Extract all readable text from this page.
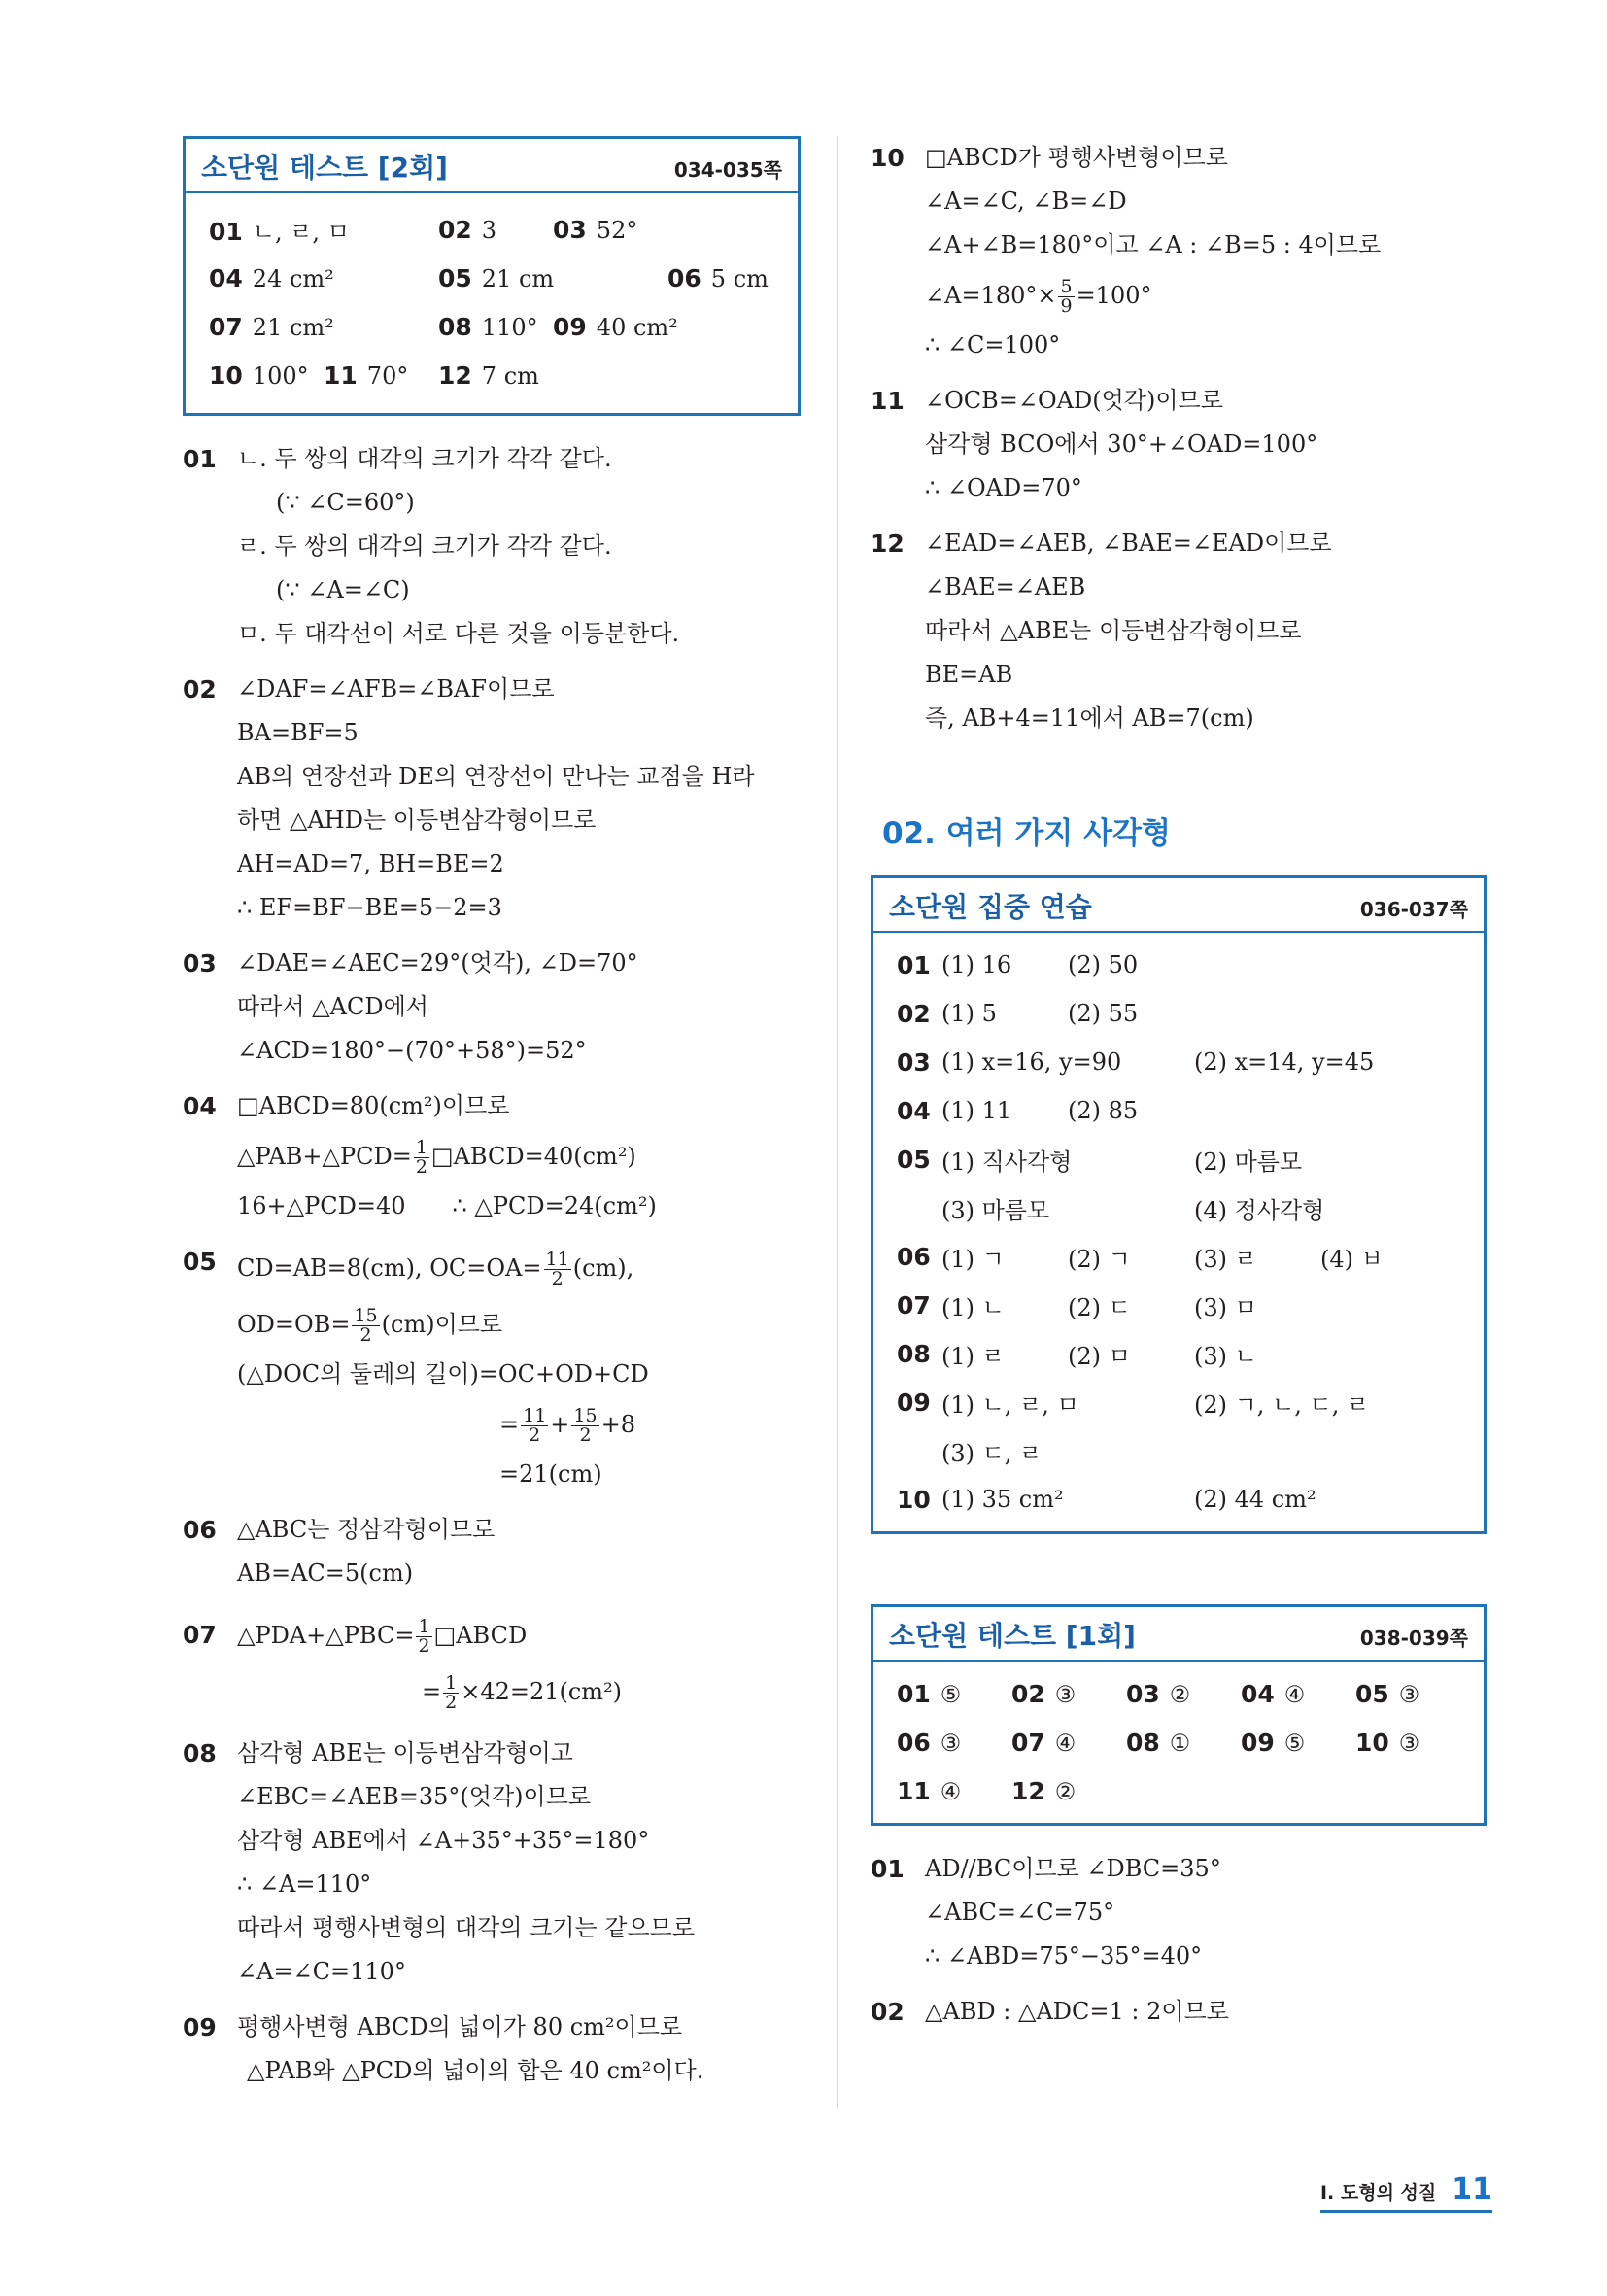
소단원 테스트 [2회]	034-035쪽
01 ㄴ, ㄹ, ㅁ	02 3 03 52°
04 24 cm²	05 21 cm	06 5 cm
07 21 cm²	08 110° 09 40 cm²
10 100° 11 70° 12 7 cm
01 ㄴ. 두 쌍의 대각의 크기가 각각 같다.
(∵ ∠C=60°)
ㄹ. 두 쌍의 대각의 크기가 각각 같다.
(∵ ∠A=∠C)
ㅁ. 두 대각선이 서로 다른 것을 이등분한다.
02 ∠DAF=∠AFB=∠BAF이므로
BA=BF=5
AB의 연장선과 DE의 연장선이 만나는 교점을 H라
하면 △AHD는 이등변삼각형이므로
AH=AD=7, BH=BE=2
∴ EF=BF−BE=5−2=3
03 ∠DAE=∠AEC=29°(엇각), ∠D=70°
따라서 △ACD에서
∠ACD=180°−(70°+58°)=52°
04 □ABCD=80(cm²)이므로
△PAB+△PCD= $\frac{1}{2}$ □ABCD=40(cm²)
16+△PCD=40 ∴ △PCD=24(cm²)
05 CD=AB=8(cm), $OC=OA= \frac{11}{2} (cm)$,
$OD=OB= \frac{15}{2} (cm)$이므로
(△DOC의 둘레의 길이)=OC+OD+CD
= $\frac{11}{2} + \frac{15}{2} +8$
=21(cm)
06 △ABC는 정삼각형이므로
AB=AC=5(cm)
07 △PDA+△PBC= $\frac{1}{2}$ □ABCD
= $\frac{1}{2} \times 42=21(cm^2)$
08 삼각형 ABE는 이등변삼각형이고
∠EBC=∠AEB=35°(엇각)이므로
삼각형 ABE에서 ∠A+35°+35°=180°
∴ ∠A=110°
따라서 평행사변형의 대각의 크기는 같으므로
∠A=∠C=110°
09 평행사변형 ABCD의 넓이가 80 cm²이므로
△PAB와 △PCD의 넓이의 합은 40 cm²이다.
10 □ABCD가 평행사변형이므로
∠A=∠C, ∠B=∠D
∠A+∠B=180°이고 ∠A : ∠B=5 : 4이므로
∠A=180°× $\frac{5}{9} =100^\circ$
∴ ∠C=100°
11 ∠OCB=∠OAD(엇각)이므로
삼각형 BCO에서 30°+∠OAD=100°
∴ ∠OAD=70°
12 ∠EAD=∠AEB, ∠BAE=∠EAD이므로
∠BAE=∠AEB
따라서 △ABE는 이등변삼각형이므로
BE=AB
즉, AB+4=11에서 AB=7(cm)
02. 여러 가지 사각형
소단원 집중 연습	036-037쪽
01 (1) 16	(2) 50
02 (1) 5	(2) 55
03 (1) x=16, y=90	(2) x=14, y=45
04 (1) 11	(2) 85
05 (1) 직사각형	(2) 마름모
(3) 마름모	(4) 정사각형
06 (1) ㄱ	(2) ㄱ	(3) ㄹ	(4) ㅂ
07 (1) ㄴ	(2) ㄷ	(3) ㅁ
08 (1) ㄹ	(2) ㅁ	(3) ㄴ
09 (1) ㄴ, ㄹ, ㅁ	(2) ㄱ, ㄴ, ㄷ, ㄹ
(3) ㄷ, ㄹ
10 (1) 35 cm²	(2) 44 cm²
소단원 테스트 [1회]	038-039쪽
01 ⑤ 02 ③ 03 ② 04 ④ 05 ③
06 ③ 07 ④ 08 ① 09 ⑤ 10 ③
11 ④ 12 ②
01 AD//BC이므로 ∠DBC=35°
∠ABC=∠C=75°
∴ ∠ABD=75°−35°=40°
02 △ABD : △ADC=1 : 2이므로
Ⅰ. 도형의 성질 11
